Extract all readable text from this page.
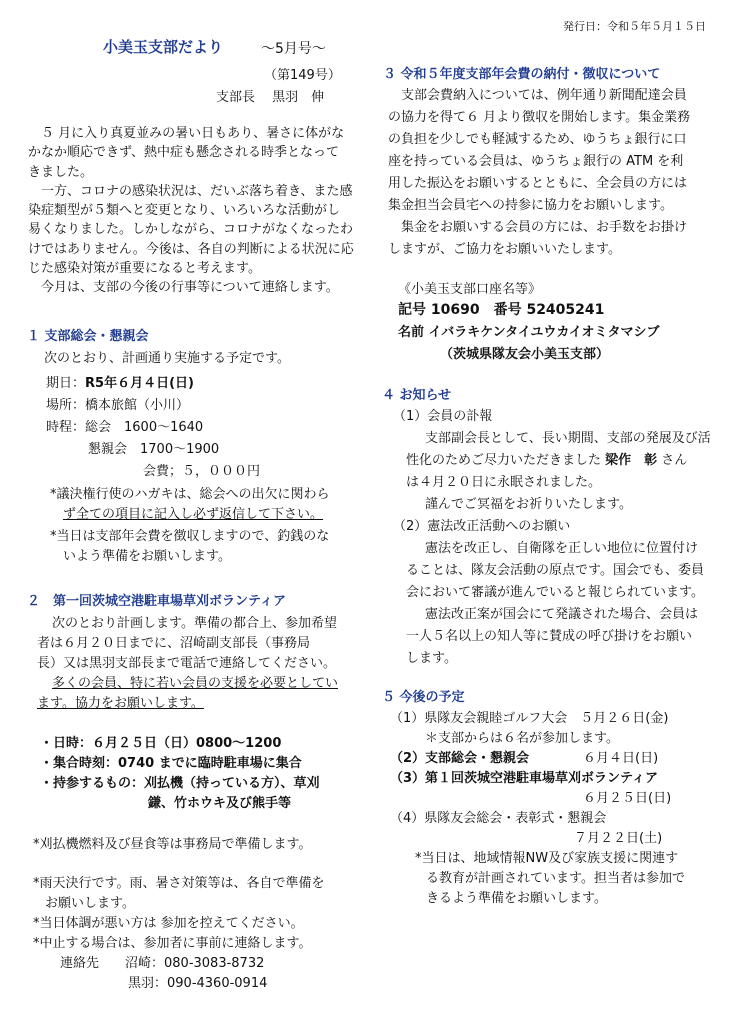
発行日：令和５年５月１５日
小美玉支部だより	～5月号～
（第149号）
支部長　 黒羽　伸
　５ 月に入り真夏並みの暑い日もあり、暑さに体がな
かなか順応できず、熱中症も懸念される時季となって
きました。
　一方、コロナの感染状況は、だいぶ落ち着き、また感
染症類型が５類へと変更となり、いろいろな活動がし
易くなりました。しかしながら、コロナがなくなったわ
けではありません。今後は、各自の判断による状況に応
じた感染対策が重要になると考えます。
　今月は、支部の今後の行事等について連絡します。
１ 支部総会・懇親会
次のとおり、計画通り実施する予定です。
期日：R5年６月４日(日)
場所：橋本旅館（小川）
時程：総会　1600～1640
懇親会　1700～1900
会費；５，０００円
*議決権行使のハガキは、総会への出欠に関わら
ず全ての項目に記入し必ず返信して下さい。
*当日は支部年会費を徴収しますので、釣銭のな
いよう準備をお願いします。
２　第一回茨城空港駐車場草刈ボランティア
次のとおり計画します。準備の都合上、参加希望
者は６月２０日までに、沼崎副支部長（事務局
長）又は黒羽支部長まで電話で連絡してください。
多くの会員、特に若い会員の支援を必要としてい
ます。協力をお願いします。
・日時：６月２５日（日）0800～1200
・集合時刻：0740 までに臨時駐車場に集合
・持参するもの：刈払機（持っている方）、草刈
鎌、竹ホウキ及び熊手等
*刈払機燃料及び昼食等は事務局で準備します。
*雨天決行です。雨、暑さ対策等は、各自で準備を
お願いします。
*当日体調が悪い方は 参加を控えてください。
*中止する場合は、参加者に事前に連絡します。
連絡先　　沼崎：080-3083-8732
黒羽：090-4360-0914
３ 令和５年度支部年会費の納付・徴収について
支部会費納入については、例年通り新聞配達会員
の協力を得て６ 月より徴収を開始します。集金業務
の負担を少しでも軽減するため、ゆうちょ銀行に口
座を持っている会員は、ゆうちょ銀行の ATM を利
用した振込をお願いするとともに、全会員の方には
集金担当会員宅への持参に協力をお願いします。
集金をお願いする会員の方には、お手数をお掛け
しますが、ご協力をお願いいたします。
《小美玉支部口座名等》
記号 10690　番号 52405241
名前 イバラキケンタイユウカイオミタマシブ
（茨城県隊友会小美玉支部）
４ お知らせ
（1）会員の訃報
支部副会長として、長い期間、支部の発展及び活
性化のためご尽力いただきました 梁作　彰 さん
は４月２０日に永眠されました。
謹んでご冥福をお祈りいたします。
（2）憲法改正活動へのお願い
憲法を改正し、自衛隊を正しい地位に位置付け
ることは、隊友会活動の原点です。国会でも、委員
会において審議が進んでいると報じられています。
憲法改正案が国会にて発議された場合、会員は
一人５名以上の知人等に賛成の呼び掛けをお願い
します。
５ 今後の予定
（1）県隊友会親睦ゴルフ大会　５月２６日(金)
＊支部からは６名が参加します。
（2）支部総会・懇親会	６月４日(日)
（3）第１回茨城空港駐車場草刈ボランティア
６月２５日(日)
（4）県隊友会総会・表彰式・懇親会
７月２２日(土)
*当日は、地域情報NW及び家族支援に関連す
る教育が計画されています。担当者は参加で
きるよう準備をお願いします。
